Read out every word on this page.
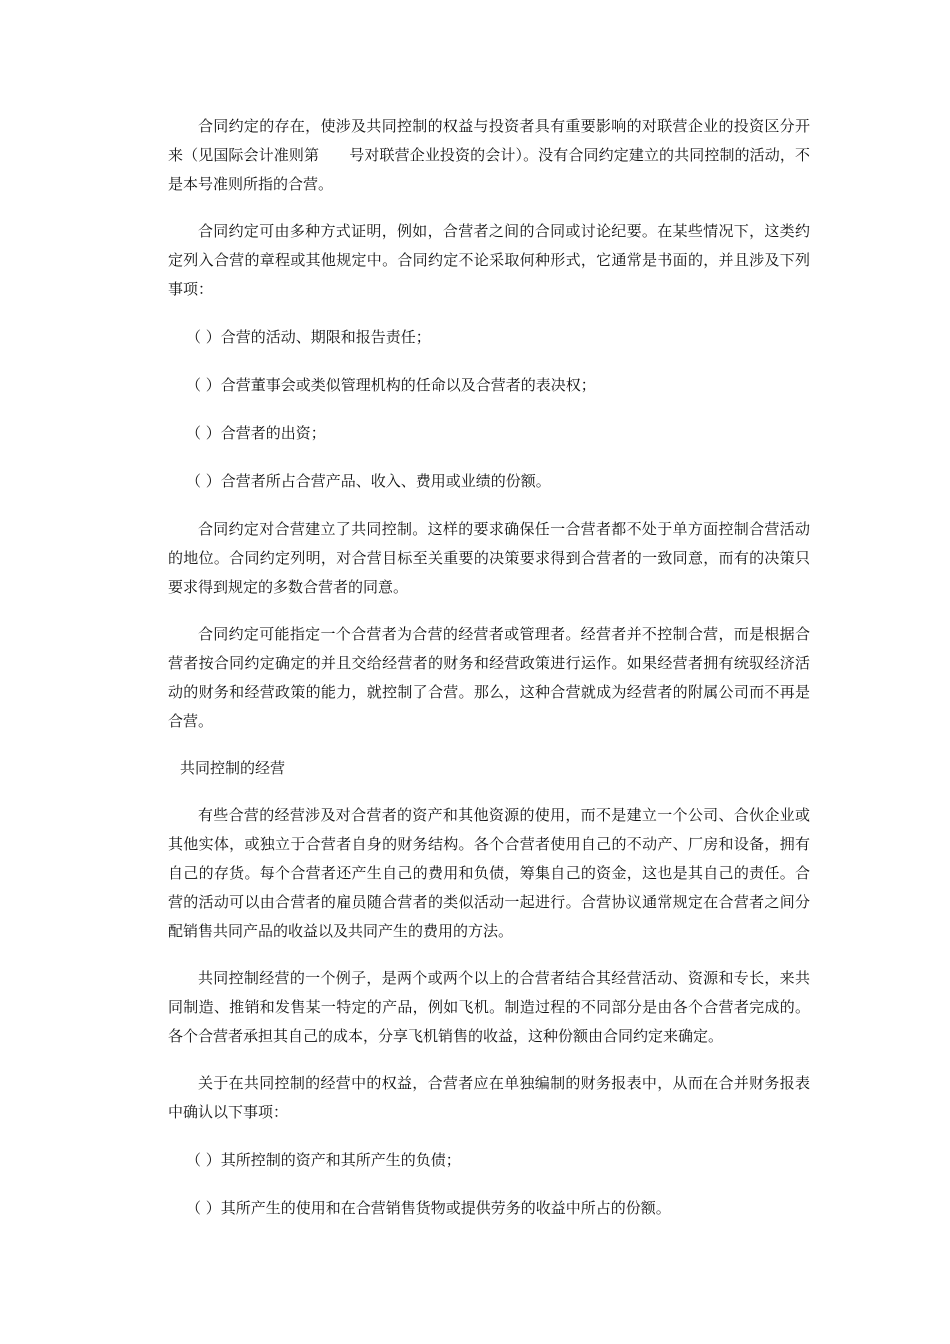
合同约定的存在，使涉及共同控制的权益与投资者具有重要影响的对联营企业的投资区分开来（见国际会计准则第　　号对联营企业投资的会计）。没有合同约定建立的共同控制的活动，不是本号准则所指的合营。

合同约定可由多种方式证明，例如，合营者之间的合同或讨论纪要。在某些情况下，这类约定列入合营的章程或其他规定中。合同约定不论采取何种形式，它通常是书面的，并且涉及下列事项：

（ ）合营的活动、期限和报告责任；

（ ）合营董事会或类似管理机构的任命以及合营者的表决权；

（ ）合营者的出资；

（ ）合营者所占合营产品、收入、费用或业绩的份额。

合同约定对合营建立了共同控制。这样的要求确保任一合营者都不处于单方面控制合营活动的地位。合同约定列明，对合营目标至关重要的决策要求得到合营者的一致同意，而有的决策只要求得到规定的多数合营者的同意。

合同约定可能指定一个合营者为合营的经营者或管理者。经营者并不控制合营，而是根据合营者按合同约定确定的并且交给经营者的财务和经营政策进行运作。如果经营者拥有统驭经济活动的财务和经营政策的能力，就控制了合营。那么，这种合营就成为经营者的附属公司而不再是合营。

共同控制的经营

有些合营的经营涉及对合营者的资产和其他资源的使用，而不是建立一个公司、合伙企业或其他实体，或独立于合营者自身的财务结构。各个合营者使用自己的不动产、厂房和设备，拥有自己的存货。每个合营者还产生自己的费用和负债，筹集自己的资金，这也是其自己的责任。合营的活动可以由合营者的雇员随合营者的类似活动一起进行。合营协议通常规定在合营者之间分配销售共同产品的收益以及共同产生的费用的方法。

共同控制经营的一个例子，是两个或两个以上的合营者结合其经营活动、资源和专长，来共同制造、推销和发售某一特定的产品，例如飞机。制造过程的不同部分是由各个合营者完成的。各个合营者承担其自己的成本，分享飞机销售的收益，这种份额由合同约定来确定。

关于在共同控制的经营中的权益，合营者应在单独编制的财务报表中，从而在合并财务报表中确认以下事项：

（ ）其所控制的资产和其所产生的负债；

（ ）其所产生的使用和在合营销售货物或提供劳务的收益中所占的份额。
